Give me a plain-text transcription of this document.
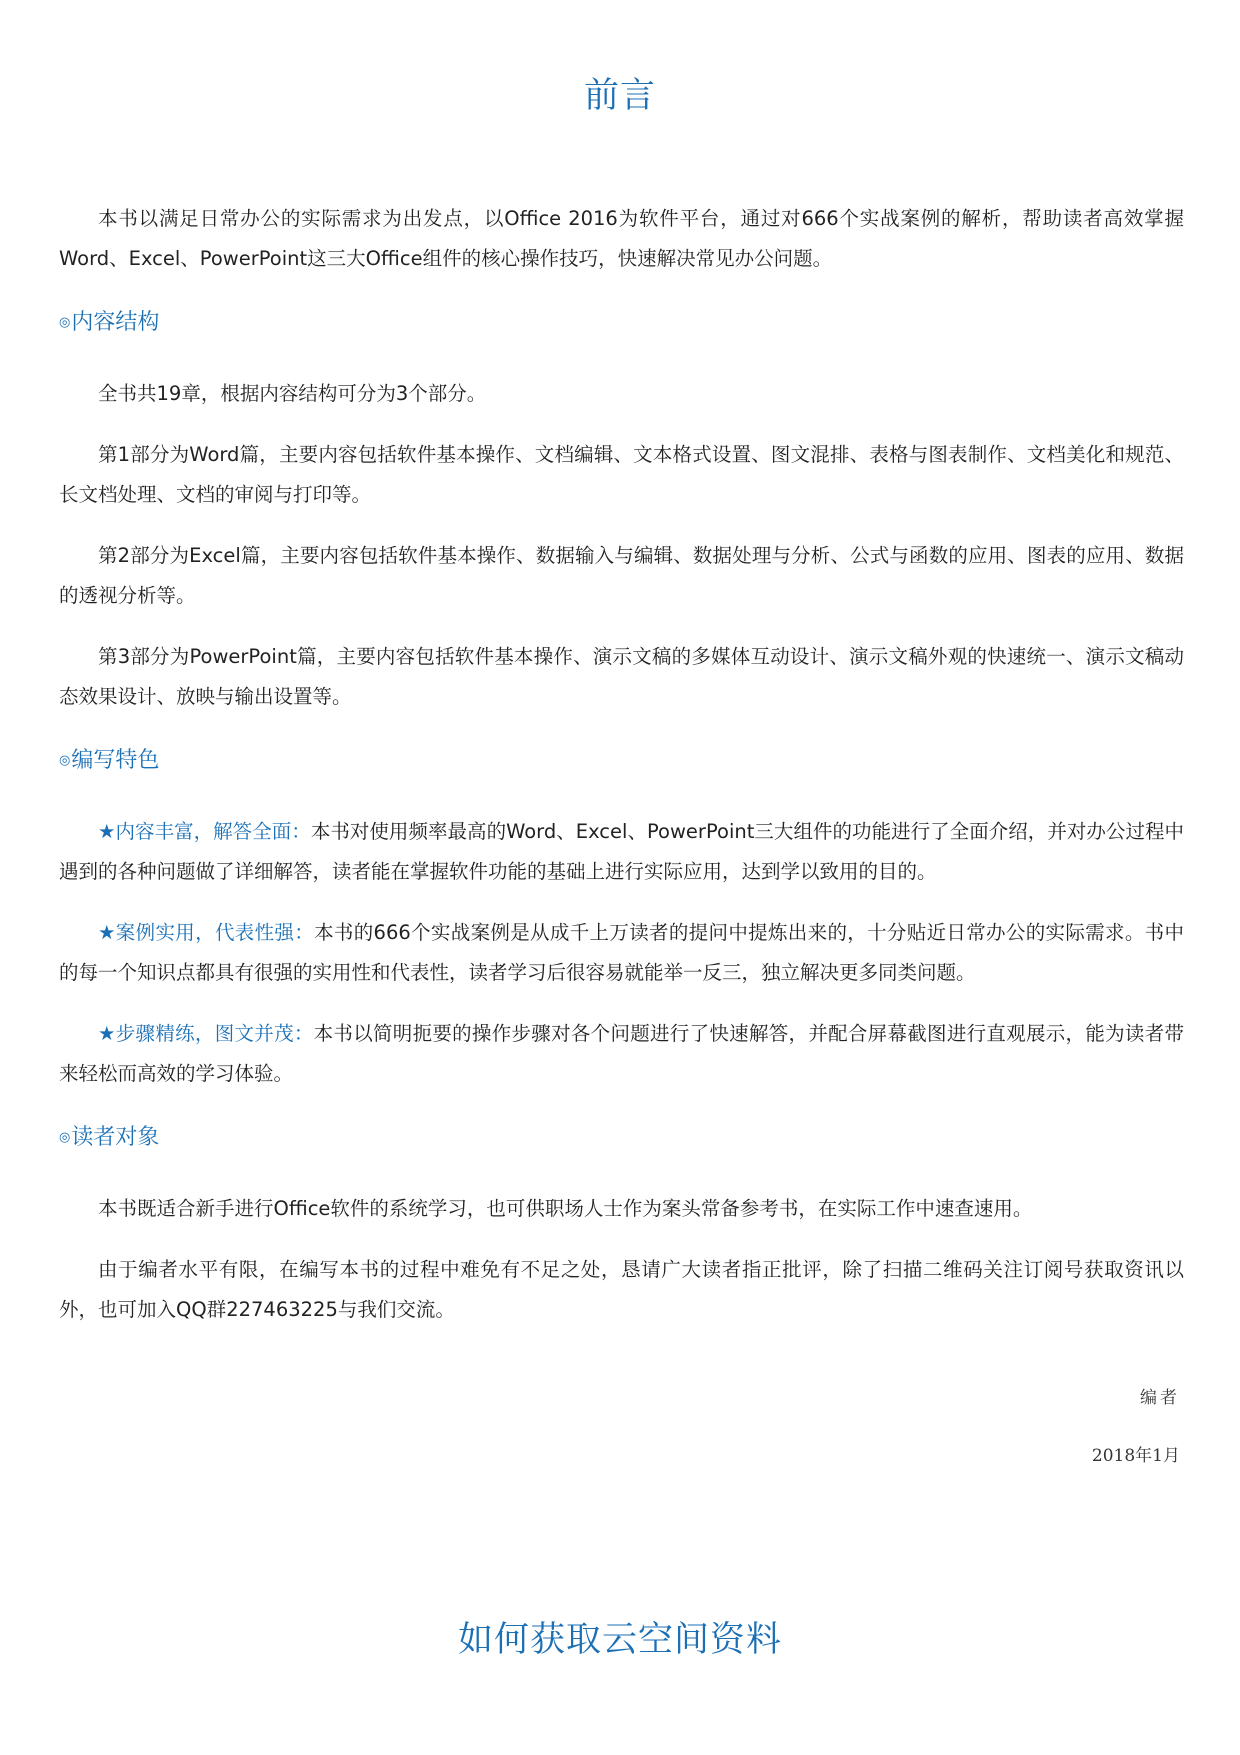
前言

本书以满足日常办公的实际需求为出发点，以Office 2016为软件平台，通过对666个实战案例的解析，帮助读者高效掌握Word、Excel、PowerPoint这三大Office组件的核心操作技巧，快速解决常见办公问题。

◎内容结构

全书共19章，根据内容结构可分为3个部分。

第1部分为Word篇，主要内容包括软件基本操作、文档编辑、文本格式设置、图文混排、表格与图表制作、文档美化和规范、长文档处理、文档的审阅与打印等。

第2部分为Excel篇，主要内容包括软件基本操作、数据输入与编辑、数据处理与分析、公式与函数的应用、图表的应用、数据的透视分析等。

第3部分为PowerPoint篇，主要内容包括软件基本操作、演示文稿的多媒体互动设计、演示文稿外观的快速统一、演示文稿动态效果设计、放映与输出设置等。

◎编写特色

★内容丰富，解答全面：本书对使用频率最高的Word、Excel、PowerPoint三大组件的功能进行了全面介绍，并对办公过程中遇到的各种问题做了详细解答，读者能在掌握软件功能的基础上进行实际应用，达到学以致用的目的。

★案例实用，代表性强：本书的666个实战案例是从成千上万读者的提问中提炼出来的，十分贴近日常办公的实际需求。书中的每一个知识点都具有很强的实用性和代表性，读者学习后很容易就能举一反三，独立解决更多同类问题。

★步骤精练，图文并茂：本书以简明扼要的操作步骤对各个问题进行了快速解答，并配合屏幕截图进行直观展示，能为读者带来轻松而高效的学习体验。

◎读者对象

本书既适合新手进行Office软件的系统学习，也可供职场人士作为案头常备参考书，在实际工作中速查速用。

由于编者水平有限，在编写本书的过程中难免有不足之处，恳请广大读者指正批评，除了扫描二维码关注订阅号获取资讯以外，也可加入QQ群227463225与我们交流。

编者
2018年1月
如何获取云空间资料
